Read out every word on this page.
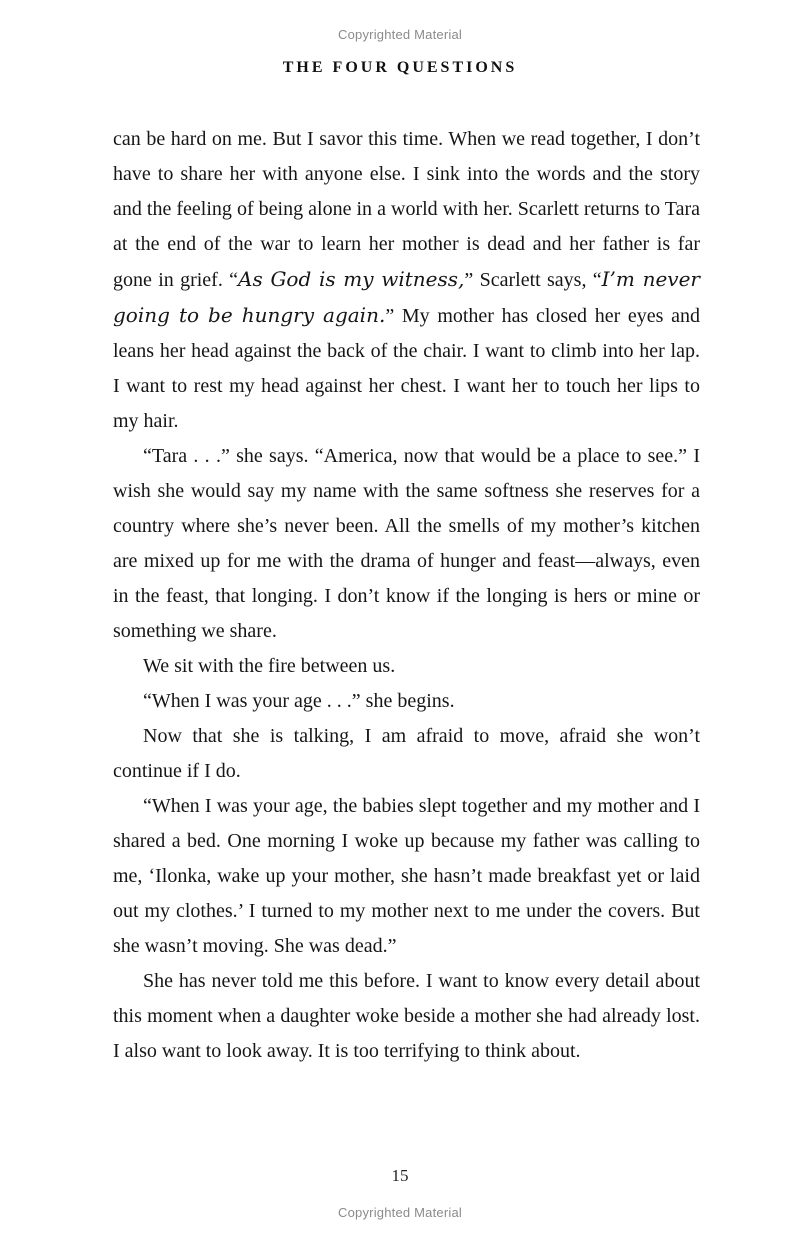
Copyrighted Material
THE FOUR QUESTIONS

can be hard on me. But I savor this time. When we read together, I don’t have to share her with anyone else. I sink into the words and the story and the feeling of being alone in a world with her. Scarlett returns to Tara at the end of the war to learn her mother is dead and her father is far gone in grief. “As God is my witness,” Scarlett says, “I’m never going to be hungry again.” My mother has closed her eyes and leans her head against the back of the chair. I want to climb into her lap. I want to rest my head against her chest. I want her to touch her lips to my hair.

“Tara . . .” she says. “America, now that would be a place to see.” I wish she would say my name with the same softness she reserves for a country where she’s never been. All the smells of my mother’s kitchen are mixed up for me with the drama of hunger and feast—always, even in the feast, that longing. I don’t know if the longing is hers or mine or something we share.

We sit with the fire between us.

“When I was your age . . .” she begins.

Now that she is talking, I am afraid to move, afraid she won’t continue if I do.

“When I was your age, the babies slept together and my mother and I shared a bed. One morning I woke up because my father was calling to me, ‘Ilonka, wake up your mother, she hasn’t made breakfast yet or laid out my clothes.’ I turned to my mother next to me under the covers. But she wasn’t moving. She was dead.”

She has never told me this before. I want to know every detail about this moment when a daughter woke beside a mother she had already lost. I also want to look away. It is too terrifying to think about.

15
Copyrighted Material
